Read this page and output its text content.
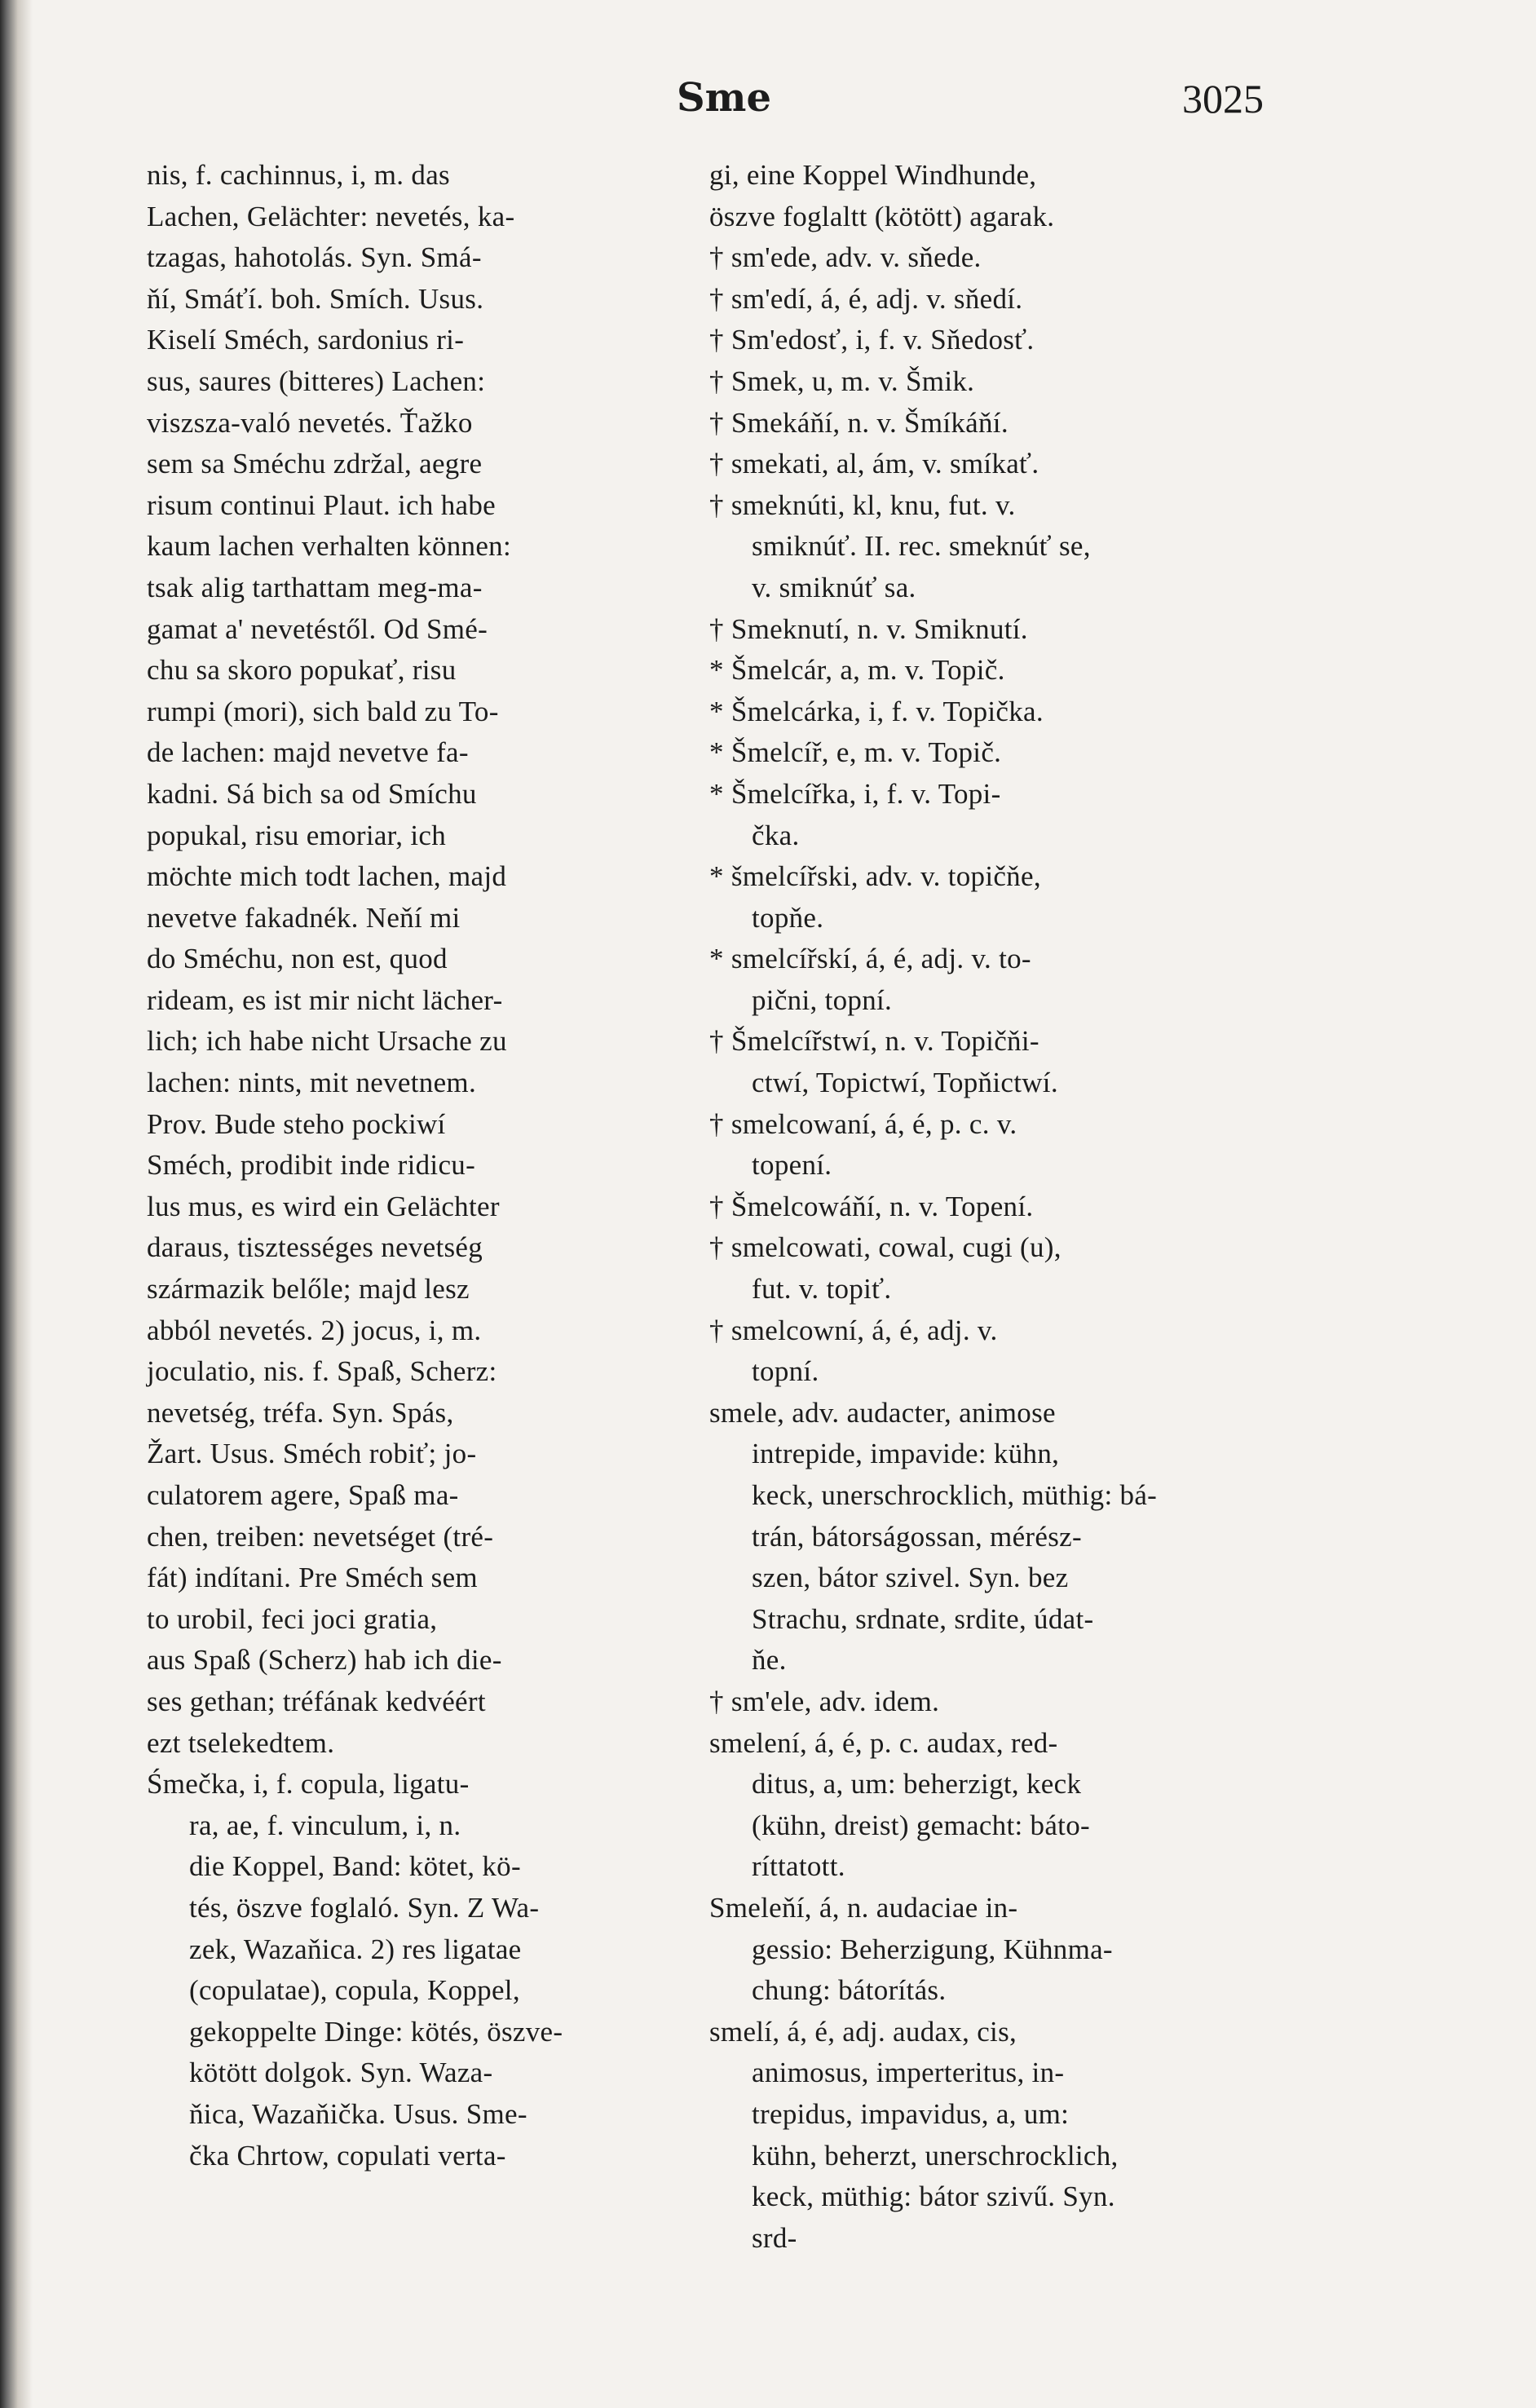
Sme	3025
nis, f. cachinnus, i, m. das
Lachen, Gelächter: nevetés, ka-
tzagas, hahotolás. Syn. Smá-
ňí, Smáťí. boh. Smích. Usus.
Kiselí Sméch, sardonius ri-
sus, saures (bitteres) Lachen:
viszsza-való nevetés. Ťažko
sem sa Sméchu zdržal, aegre
risum continui Plaut. ich habe
kaum lachen verhalten können:
tsak alig tarthattam meg-ma-
gamat a' nevetéstől. Od Smé-
chu sa skoro popukať, risu
rumpi (mori), sich bald zu To-
de lachen: majd nevetve fa-
kadni. Sá bich sa od Smíchu
popukal, risu emoriar, ich
möchte mich todt lachen, majd
nevetve fakadnék. Neňí mi
do Sméchu, non est, quod
rideam, es ist mir nicht lächer-
lich; ich habe nicht Ursache zu
lachen: nints, mit nevetnem.
Prov. Bude steho pockiwí
Sméch, prodibit inde ridicu-
lus mus, es wird ein Gelächter
daraus, tisztességes nevetség
származik belőle; majd lesz
abból nevetés. 2) jocus, i, m.
joculatio, nis. f. Spaß, Scherz:
nevetség, tréfa. Syn. Spás,
Žart. Usus. Sméch robiť; jo-
culatorem agere, Spaß ma-
chen, treiben: nevetséget (tré-
fát) indítani. Pre Sméch sem
to urobil, feci joci gratia,
aus Spaß (Scherz) hab ich die-
ses gethan; tréfának kedvéért
ezt tselekedtem.
Śmečka, i, f. copula, ligatu-
ra, ae, f. vinculum, i, n.
die Koppel, Band: kötet, kö-
tés, öszve foglaló. Syn. Z Wa-
zek, Wazaňica. 2) res ligatae
(copulatae), copula, Koppel,
gekoppelte Dinge: kötés, öszve-
kötött dolgok. Syn. Waza-
ňica, Wazaňička. Usus. Sme-
čka Chrtow, copulati verta-
gi, eine Koppel Windhunde,
öszve foglaltt (kötött) agarak.
† sm'ede, adv. v. sňede.
† sm'edí, á, é, adj. v. sňedí.
† Sm'edosť, i, f. v. Sňedosť.
† Smek, u, m. v. Šmik.
† Smekáňí, n. v. Šmíkáňí.
† smekati, al, ám, v. smíkať.
† smeknúti, kl, knu, fut. v.
smiknúť. II. rec. smeknúť se,
v. smiknúť sa.
† Smeknutí, n. v. Smiknutí.
* Šmelcár, a, m. v. Topič.
* Šmelcárka, i, f. v. Topička.
* Šmelcíř, e, m. v. Topič.
* Šmelcířka, i, f. v. Topi-
čka.
* šmelcířski, adv. v. topičňe,
topňe.
* smelcířskí, á, é, adj. v. to-
pični, topní.
† Šmelcířstwí, n. v. Topičňi-
ctwí, Topictwí, Topňictwí.
† smelcowaní, á, é, p. c. v.
topení.
† Šmelcowáňí, n. v. Topení.
† smelcowati, cowal, cugi (u),
fut. v. topiť.
† smelcowní, á, é, adj. v.
topní.
smele, adv. audacter, animose
intrepide, impavide: kühn,
keck, unerschrocklich, müthig: bá-
trán, bátorságossan, mérész-
szen, bátor szivel. Syn. bez
Strachu, srdnate, srdite, údat-
ňe.
† sm'ele, adv. idem.
smelení, á, é, p. c. audax, red-
ditus, a, um: beherzigt, keck
(kühn, dreist) gemacht: bátо-
ríttatott.
Smeleňí, á, n. audaciae in-
gessio: Beherzigung, Kühnma-
chung: bátorítás.
smelí, á, é, adj. audax, cis,
animosus, imperteritus, in-
trepidus, impavidus, a, um:
kühn, beherzt, unerschrocklich,
keck, müthig: bátor szivű. Syn.
srd-
